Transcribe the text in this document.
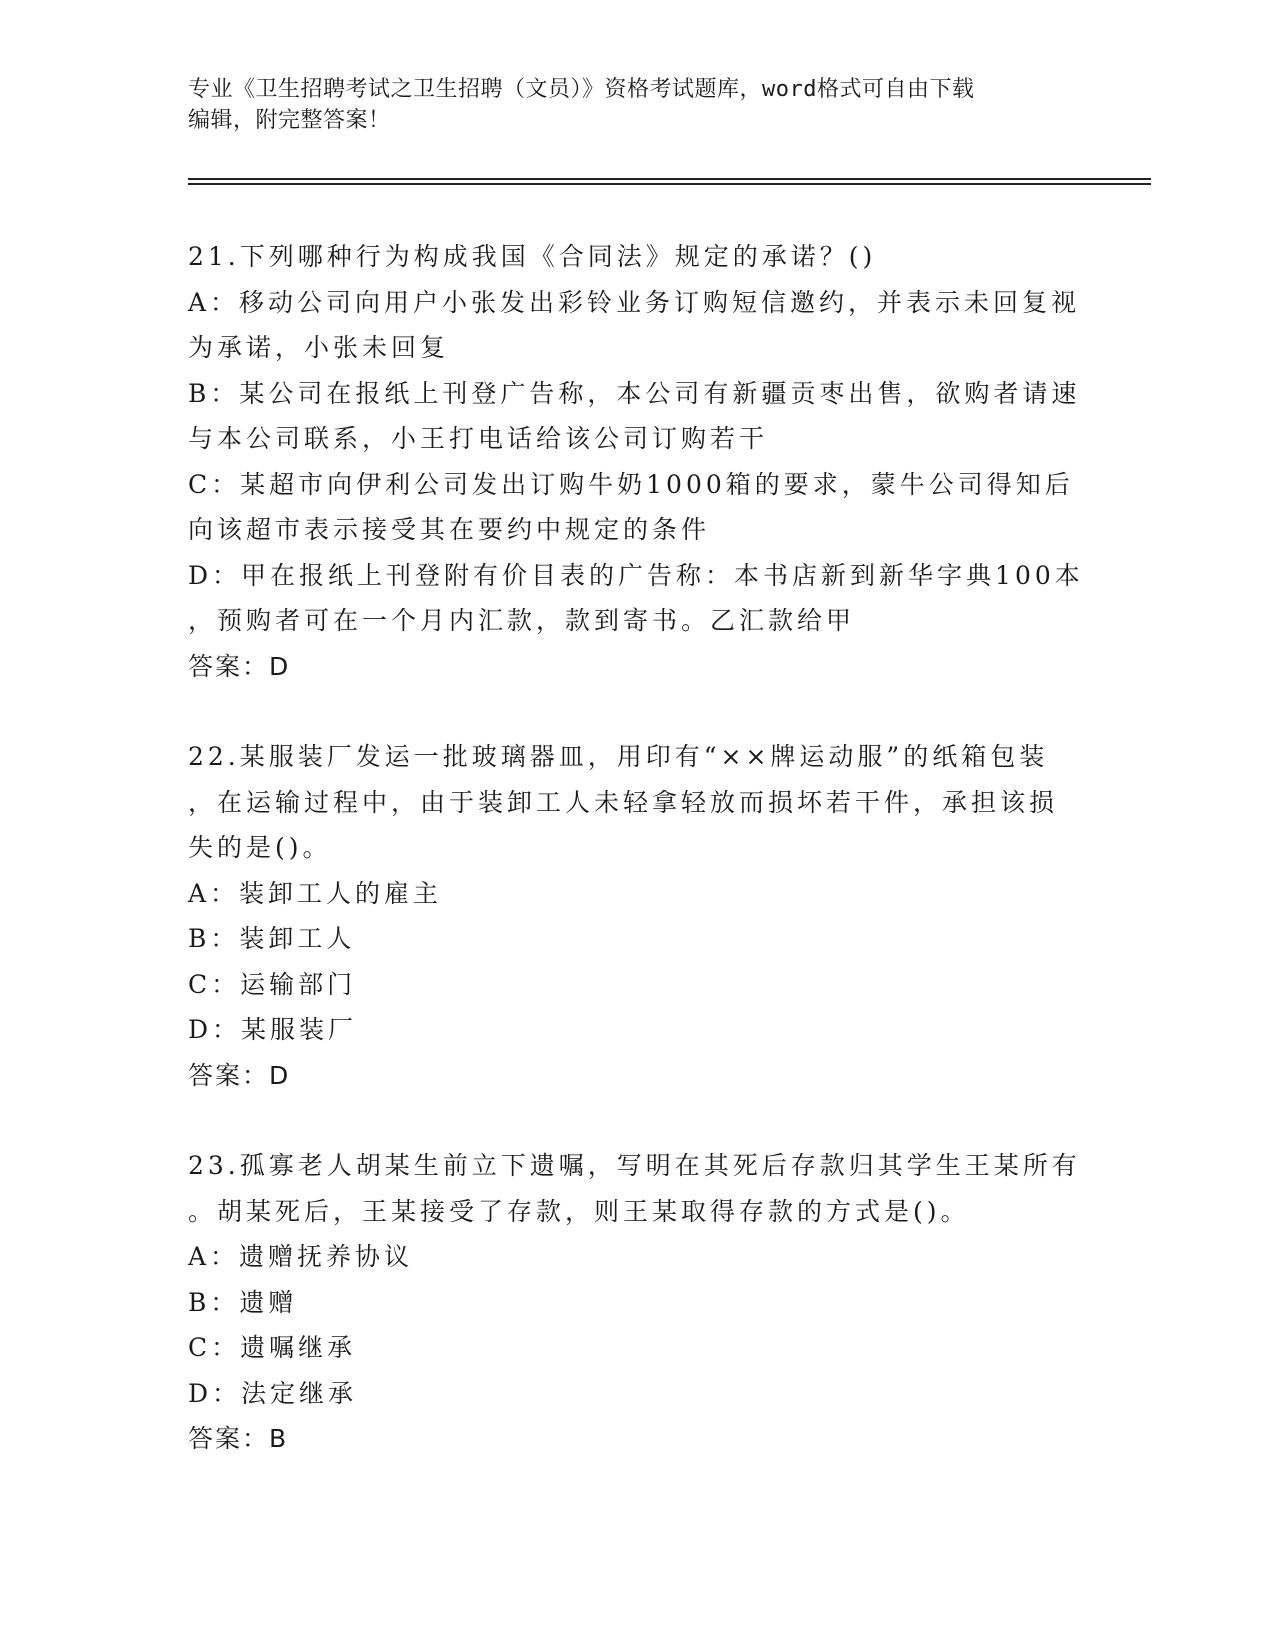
专业《卫生招聘考试之卫生招聘（文员）》资格考试题库，word格式可自由下载
编辑，附完整答案！
21.下列哪种行为构成我国《合同法》规定的承诺？()
A：移动公司向用户小张发出彩铃业务订购短信邀约，并表示未回复视
为承诺，小张未回复
B：某公司在报纸上刊登广告称，本公司有新疆贡枣出售，欲购者请速
与本公司联系，小王打电话给该公司订购若干
C：某超市向伊利公司发出订购牛奶1000箱的要求，蒙牛公司得知后
向该超市表示接受其在要约中规定的条件
D：甲在报纸上刊登附有价目表的广告称：本书店新到新华字典100本
，预购者可在一个月内汇款，款到寄书。乙汇款给甲
答案：D
22.某服装厂发运一批玻璃器皿，用印有“××牌运动服”的纸箱包装
，在运输过程中，由于装卸工人未轻拿轻放而损坏若干件，承担该损
失的是()。
A：装卸工人的雇主
B：装卸工人
C：运输部门
D：某服装厂
答案：D
23.孤寡老人胡某生前立下遗嘱，写明在其死后存款归其学生王某所有
。胡某死后，王某接受了存款，则王某取得存款的方式是()。
A：遗赠抚养协议
B：遗赠
C：遗嘱继承
D：法定继承
答案：B
